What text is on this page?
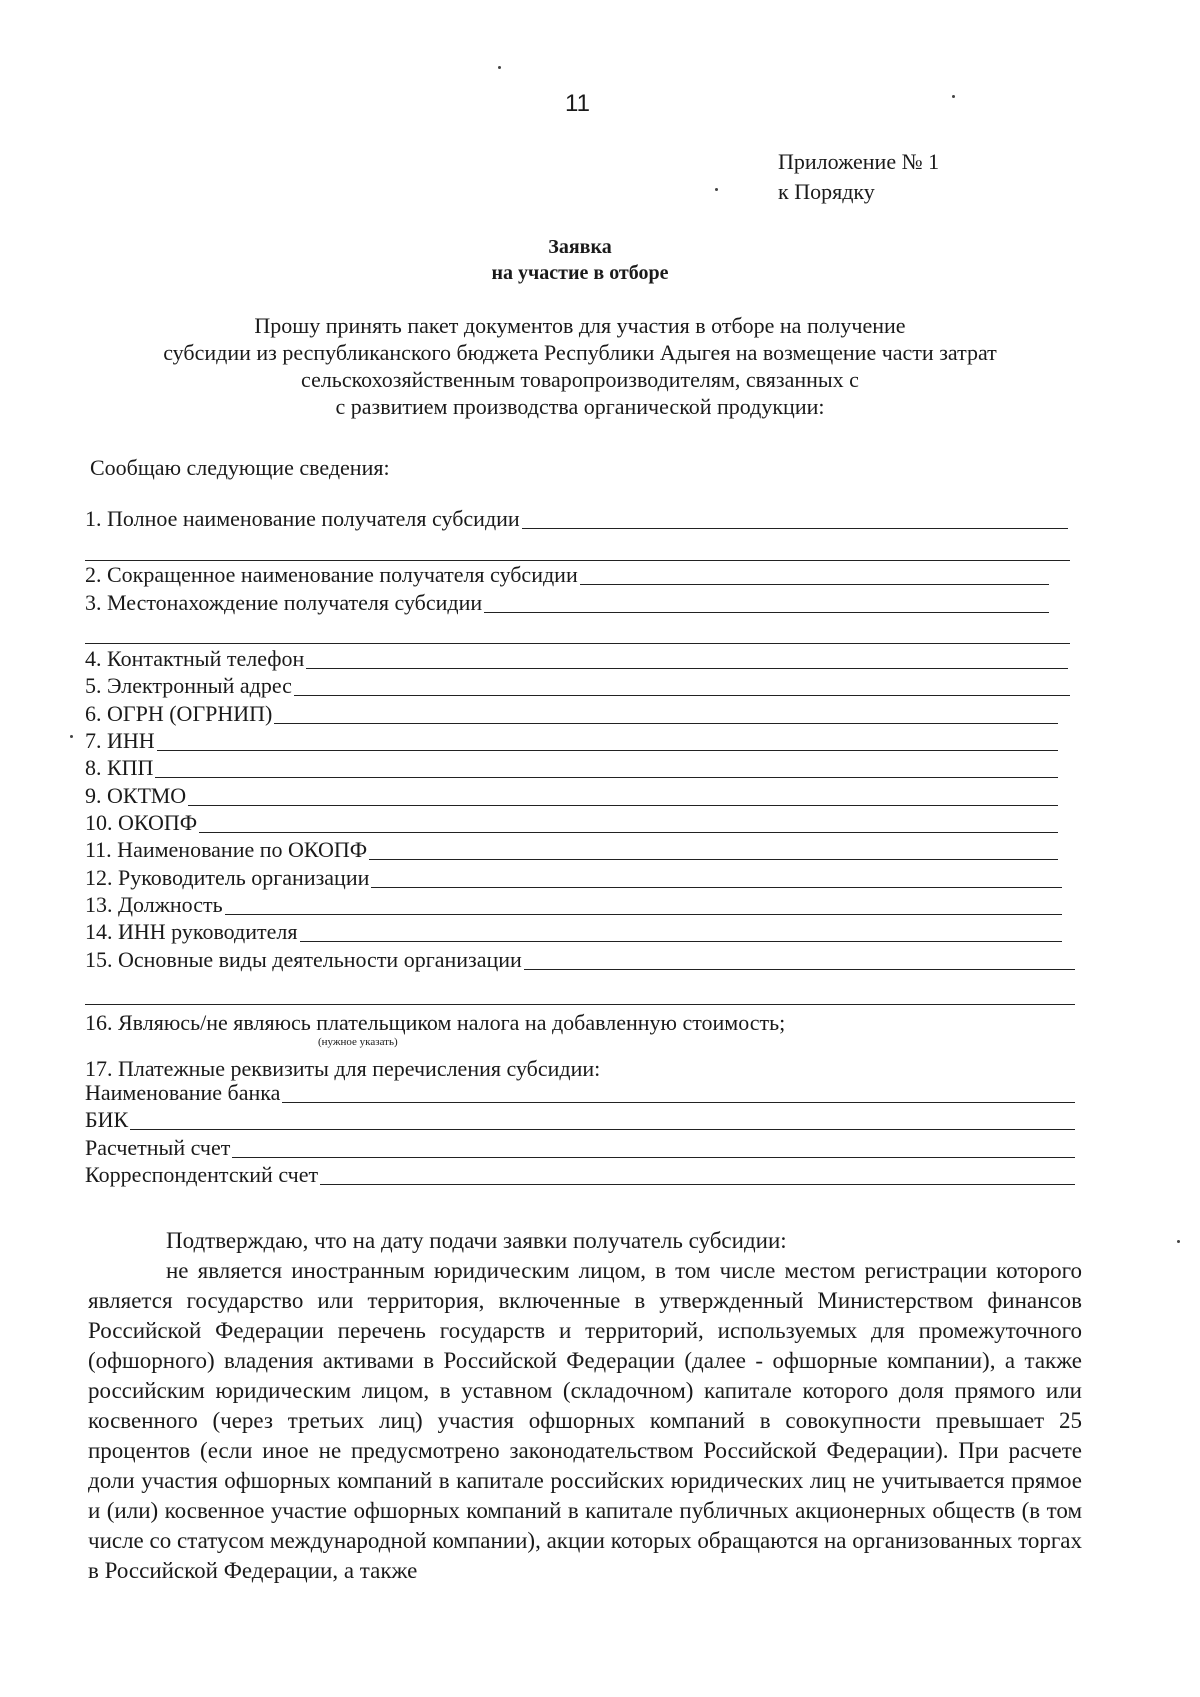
11
Приложение № 1
к Порядку
Заявка
на участие в отборе
Прошу принять пакет документов для участия в отборе на получение
субсидии из республиканского бюджета Республики Адыгея на возмещение части затрат
сельскохозяйственным товаропроизводителям, связанных с
с развитием производства органической продукции:
Сообщаю следующие сведения:
1. Полное наименование получателя субсидии
2. Сокращенное наименование получателя субсидии
3. Местонахождение получателя субсидии
4. Контактный телефон
5. Электронный адрес
6. ОГРН (ОГРНИП)
7. ИНН
8. КПП
9. ОКТМО
10. ОКОПФ
11. Наименование по ОКОПФ
12. Руководитель организации
13. Должность
14. ИНН руководителя
15. Основные виды деятельности организации
16. Являюсь/не являюсь плательщиком налога на добавленную стоимость;
(нужное указать)
17. Платежные реквизиты для перечисления субсидии:
Наименование банка
БИК
Расчетный счет
Корреспондентский счет
Подтверждаю, что на дату подачи заявки получатель субсидии:
не является иностранным юридическим лицом, в том числе местом регистрации которого является государство или территория, включенные в утвержденный Министерством финансов Российской Федерации перечень государств и территорий, используемых для промежуточного (офшорного) владения активами в Российской Федерации (далее - офшорные компании), а также российским юридическим лицом, в уставном (складочном) капитале которого доля прямого или косвенного (через третьих лиц) участия офшорных компаний в совокупности превышает 25 процентов (если иное не предусмотрено законодательством Российской Федерации). При расчете доли участия офшорных компаний в капитале российских юридических лиц не учитывается прямое и (или) косвенное участие офшорных компаний в капитале публичных акционерных обществ (в том числе со статусом международной компании), акции которых обращаются на организованных торгах в Российской Федерации, а также
